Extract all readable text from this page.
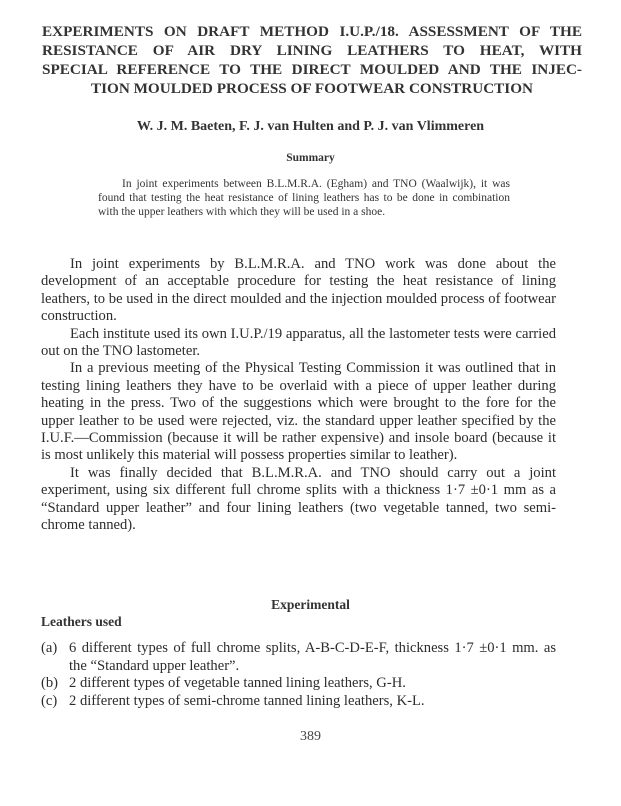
EXPERIMENTS ON DRAFT METHOD I.U.P./18. ASSESSMENT OF THE
RESISTANCE OF AIR DRY LINING LEATHERS TO HEAT, WITH
SPECIAL REFERENCE TO THE DIRECT MOULDED AND THE INJEC-
TION MOULDED PROCESS OF FOOTWEAR CONSTRUCTION
W. J. M. Baeten, F. J. van Hulten and P. J. van Vlimmeren
Summary

In joint experiments between B.L.M.R.A. (Egham) and TNO (Waalwijk), it was found that testing the heat resistance of lining leathers has to be done in combination with the upper leathers with which they will be used in a shoe.

In joint experiments by B.L.M.R.A. and TNO work was done about the development of an acceptable procedure for testing the heat resistance of lining leathers, to be used in the direct moulded and the injection moulded process of footwear construction.

Each institute used its own I.U.P./19 apparatus, all the lastometer tests were carried out on the TNO lastometer.

In a previous meeting of the Physical Testing Commission it was outlined that in testing lining leathers they have to be overlaid with a piece of upper leather during heating in the press. Two of the suggestions which were brought to the fore for the upper leather to be used were rejected, viz. the standard upper leather specified by the I.U.F.—Commission (because it will be rather expensive) and insole board (because it is most unlikely this material will possess properties similar to leather).

It was finally decided that B.L.M.R.A. and TNO should carry out a joint experiment, using six different full chrome splits with a thickness 1·7 ±0·1 mm as a “Standard upper leather” and four lining leathers (two vegetable tanned, two semi-chrome tanned).

Experimental
Leathers used
(a) 6 different types of full chrome splits, A-B-C-D-E-F, thickness 1·7 ±0·1 mm. as the “Standard upper leather”.
(b) 2 different types of vegetable tanned lining leathers, G-H.
(c) 2 different types of semi-chrome tanned lining leathers, K-L.
389
